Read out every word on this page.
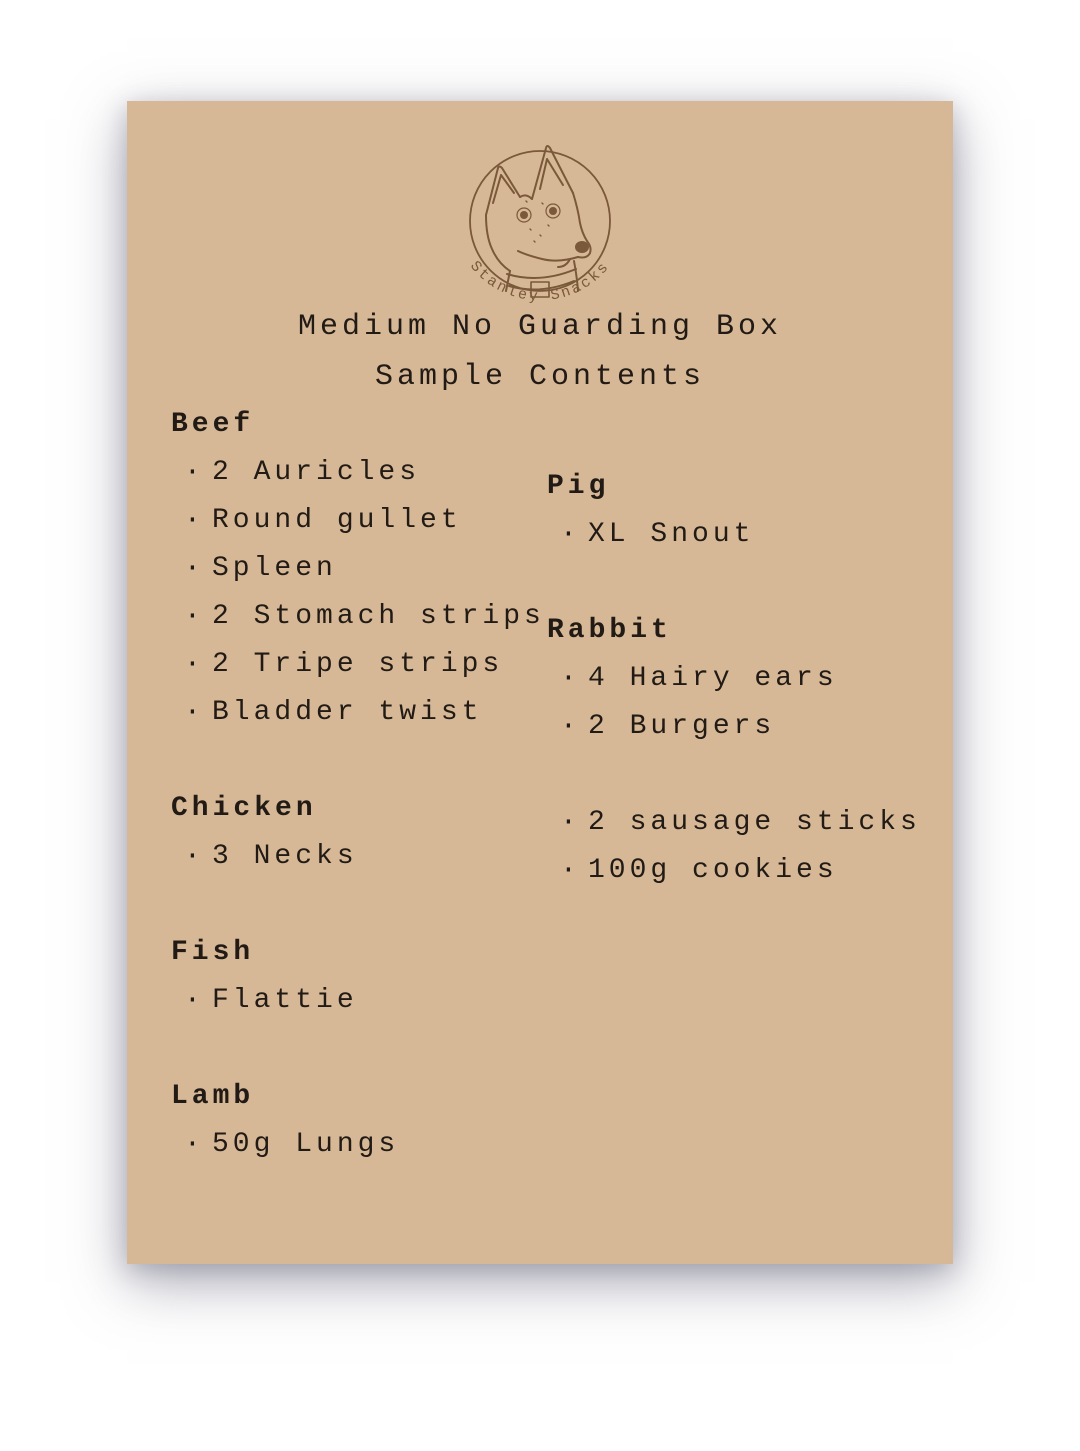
Stanley Snacks
Medium No Guarding Box
Sample Contents
Beef
· 2 Auricles
· Round gullet
· Spleen
· 2 Stomach strips
· 2 Tripe strips
· Bladder twist
Chicken
· 3 Necks
Fish
· Flattie
Lamb
· 50g Lungs
Pig
· XL Snout
Rabbit
· 4 Hairy ears
· 2 Burgers
· 2 sausage sticks
· 100g cookies
